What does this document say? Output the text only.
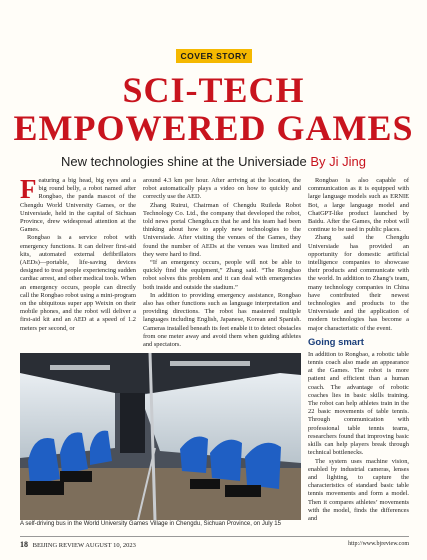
COVER STORY
SCI-TECH
EMPOWERED GAMES
New technologies shine at the Universiade By Ji Jing

Featuring a big head, big eyes and a big round belly, a robot named after Rongbao, the panda mascot of the Chengdu World University Games, or the Universiade, held in the capital of Sichuan Province, drew widespread attention at the Games.

Rongbao is a service robot with emergency functions. It can deliver first-aid kits, automated external defibrillators (AEDs)—portable, life-saving devices designed to treat people experiencing sudden cardiac arrest, and other medical tools. When an emergency occurs, people can directly call the Rongbao robot using a mini-program on the ubiquitous super app Weixin on their mobile phones, and the robot will deliver a first-aid kit and an AED at a speed of 1.2 meters per second, or

around 4.3 km per hour. After arriving at the location, the robot automatically plays a video on how to quickly and correctly use the AED.

Zhang Ruirui, Chairman of Chengdu Ruileda Robot Technology Co. Ltd., the company that developed the robot, told news portal Chengdu.cn that he and his team had been thinking about how to apply new technologies to the Universiade. After visiting the venues of the Games, they found the number of AEDs at the venues was limited and they were hard to find.

“If an emergency occurs, people will not be able to quickly find the equipment,” Zhang said. “The Rongbao robot solves this problem and it can deal with emergencies both inside and outside the stadium.”

In addition to providing emergency assistance, Rongbao also has other functions such as language interpretation and providing directions. The robot has mastered multiple languages including English, Japanese, Korean and Spanish. Cameras installed beneath its feet enable it to detect obstacles from one meter away and avoid them when guiding athletes and spectators.

Rongbao is also capable of communication as it is equipped with large language models such as ERNIE Bot, a large language model and ChatGPT-like product launched by Baidu. After the Games, the robot will continue to be used in public places.

Zhang said the Chengdu Universiade has provided an opportunity for domestic artificial intelligence companies to showcase their products and communicate with the world. In addition to Zhang’s team, many technology companies in China have contributed their newest technologies and products to the Universiade and the application of modern technologies has become a major characteristic of the event.

Going smart

In addition to Rongbao, a robotic table tennis coach also made an appearance at the Games. The robot is more patient and efficient than a human coach. The advantage of robotic coaches lies in basic skills training. The robot can help athletes train in the 22 basic movements of table tennis. Through communication with professional table tennis teams, researchers found that improving basic skills can help players break through technical bottlenecks.

The system uses machine vision, enabled by industrial cameras, lenses and lighting, to capture the characteristics of standard basic table tennis movements and form a model. Then it compares athletes’ movements with the model, finds the differences and

A self-driving bus in the World University Games Village in Chengdu, Sichuan Province, on July 15
18 BEIJING REVIEW AUGUST 10, 2023	http://www.bjreview.com
